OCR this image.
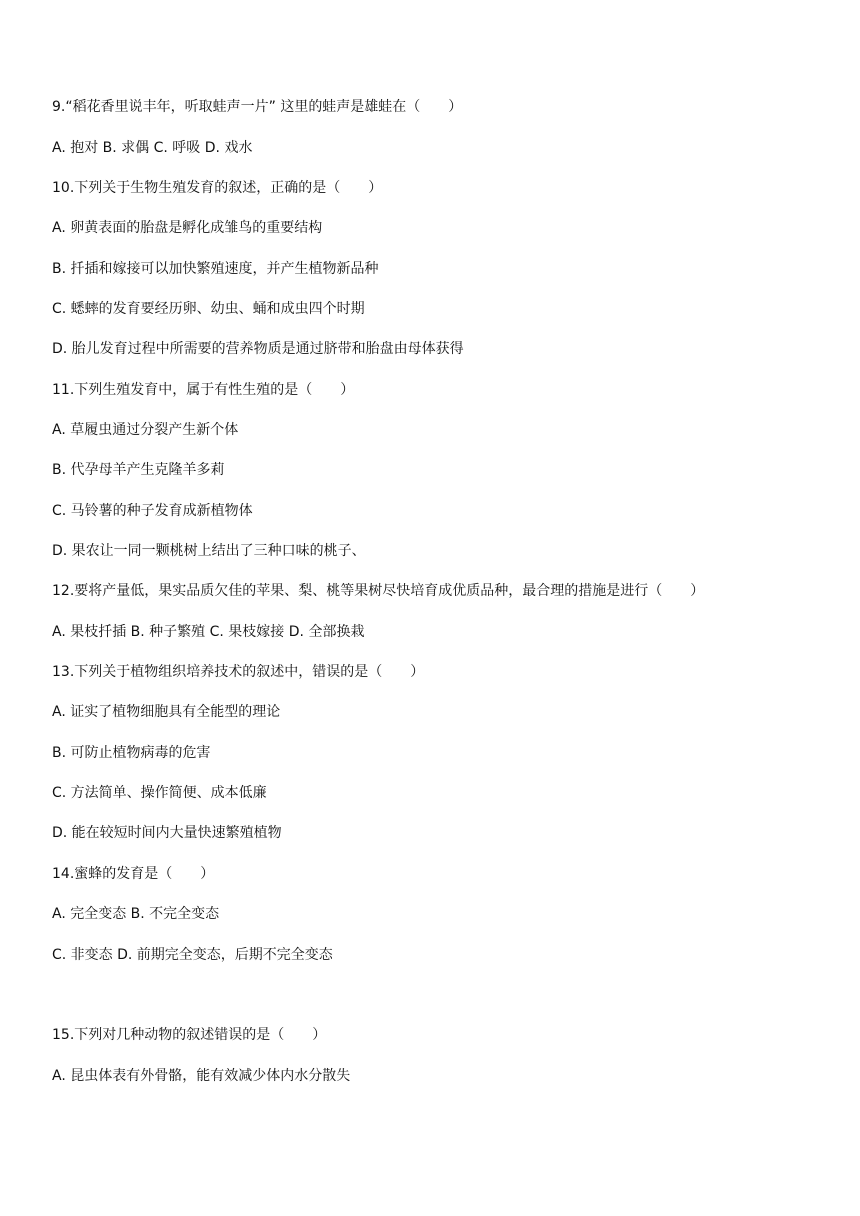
9.“稻花香里说丰年，听取蛙声一片” 这里的蛙声是雄蛙在（　　）
A. 抱对 B. 求偶 C. 呼吸 D. 戏水
10.下列关于生物生殖发育的叙述，正确的是（　　）
A. 卵黄表面的胎盘是孵化成雏鸟的重要结构
B. 扦插和嫁接可以加快繁殖速度，并产生植物新品种
C. 蟋蟀的发育要经历卵、幼虫、蛹和成虫四个时期
D. 胎儿发育过程中所需要的营养物质是通过脐带和胎盘由母体获得
11.下列生殖发育中，属于有性生殖的是（　　）
A. 草履虫通过分裂产生新个体
B. 代孕母羊产生克隆羊多莉
C. 马铃薯的种子发育成新植物体
D. 果农让一同一颗桃树上结出了三种口味的桃子、
12.要将产量低，果实品质欠佳的苹果、梨、桃等果树尽快培育成优质品种，最合理的措施是进行（　　）
A. 果枝扦插 B. 种子繁殖 C. 果枝嫁接 D. 全部换栽
13.下列关于植物组织培养技术的叙述中，错误的是（　　）
A. 证实了植物细胞具有全能型的理论
B. 可防止植物病毒的危害
C. 方法简单、操作简便、成本低廉
D. 能在较短时间内大量快速繁殖植物
14.蜜蜂的发育是（　　）
A. 完全变态 B. 不完全变态
C. 非变态 D. 前期完全变态，后期不完全变态
15.下列对几种动物的叙述错误的是（　　）
A. 昆虫体表有外骨骼，能有效减少体内水分散失
